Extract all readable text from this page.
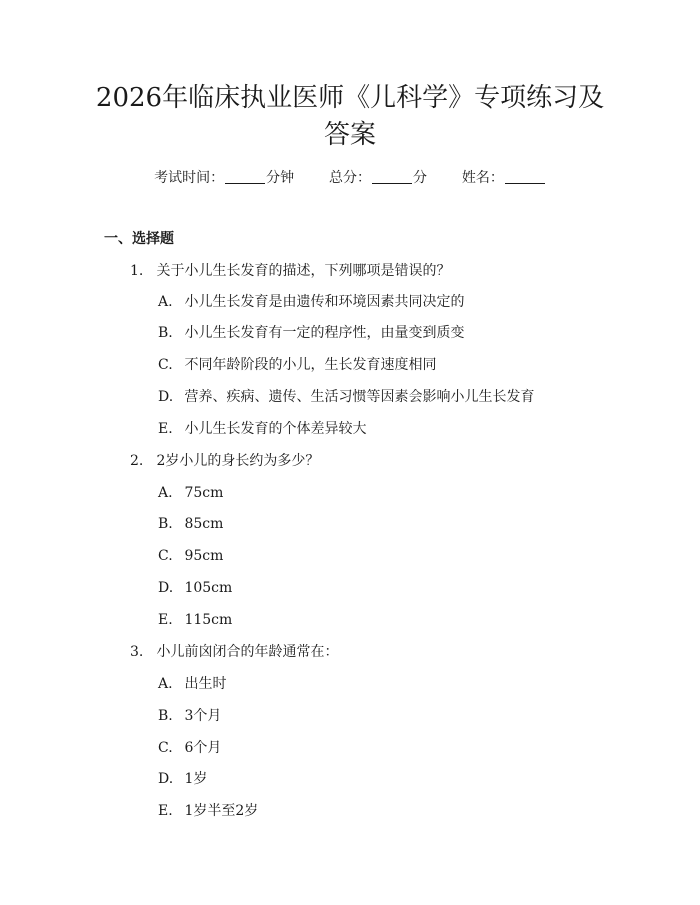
2026年临床执业医师《儿科学》专项练习及
答案
考试时间：	分钟 总分：	分 姓名：
一、选择题
1. 关于小儿生长发育的描述，下列哪项是错误的？
A. 小儿生长发育是由遗传和环境因素共同决定的
B. 小儿生长发育有一定的程序性，由量变到质变
C. 不同年龄阶段的小儿，生长发育速度相同
D. 营养、疾病、遗传、生活习惯等因素会影响小儿生长发育
E. 小儿生长发育的个体差异较大
2. 2岁小儿的身长约为多少？
A. 75cm
B. 85cm
C. 95cm
D. 105cm
E. 115cm
3. 小儿前囟闭合的年龄通常在：
A. 出生时
B. 3个月
C. 6个月
D. 1岁
E. 1岁半至2岁
